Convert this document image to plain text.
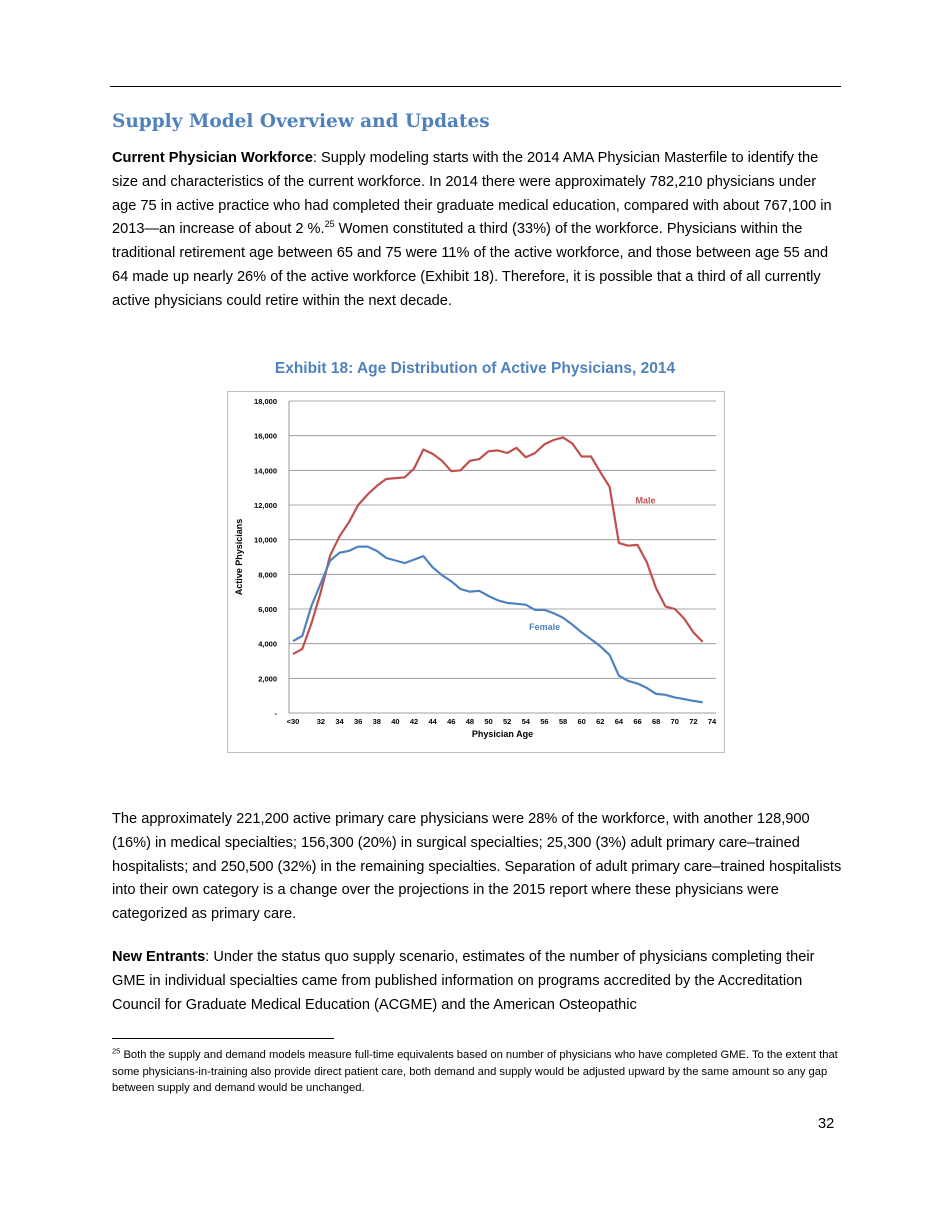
Supply Model Overview and Updates

Current Physician Workforce: Supply modeling starts with the 2014 AMA Physician Masterfile to identify the size and characteristics of the current workforce. In 2014 there were approximately 782,210 physicians under age 75 in active practice who had completed their graduate medical education, compared with about 767,100 in 2013—an increase of about 2 %.$^{25}$ Women constituted a third (33%) of the workforce. Physicians within the traditional retirement age between 65 and 75 were 11% of the active workforce, and those between age 55 and 64 made up nearly 26% of the active workforce (Exhibit 18). Therefore, it is possible that a third of all currently active physicians could retire within the next decade.

Exhibit 18: Age Distribution of Active Physicians, 2014
-
2,000
4,000
6,000
8,000
10,000
12,000
14,000
16,000
18,000
<30 32 34 36 38 40 42 44 46 48 50 52 54 56 58 60 62 64 66 68 70 72 74
Male
Female
Physician Age
Active Physicians

The approximately 221,200 active primary care physicians were 28% of the workforce, with another 128,900 (16%) in medical specialties; 156,300 (20%) in surgical specialties; 25,300 (3%) adult primary care–trained hospitalists; and 250,500 (32%) in the remaining specialties. Separation of adult primary care–trained hospitalists into their own category is a change over the projections in the 2015 report where these physicians were categorized as primary care.

New Entrants: Under the status quo supply scenario, estimates of the number of physicians completing their GME in individual specialties came from published information on programs accredited by the Accreditation Council for Graduate Medical Education (ACGME) and the American Osteopathic

$^{25}$ Both the supply and demand models measure full-time equivalents based on number of physicians who have completed GME. To the extent that some physicians-in-training also provide direct patient care, both demand and supply would be adjusted upward by the same amount so any gap between supply and demand would be unchanged.

32
